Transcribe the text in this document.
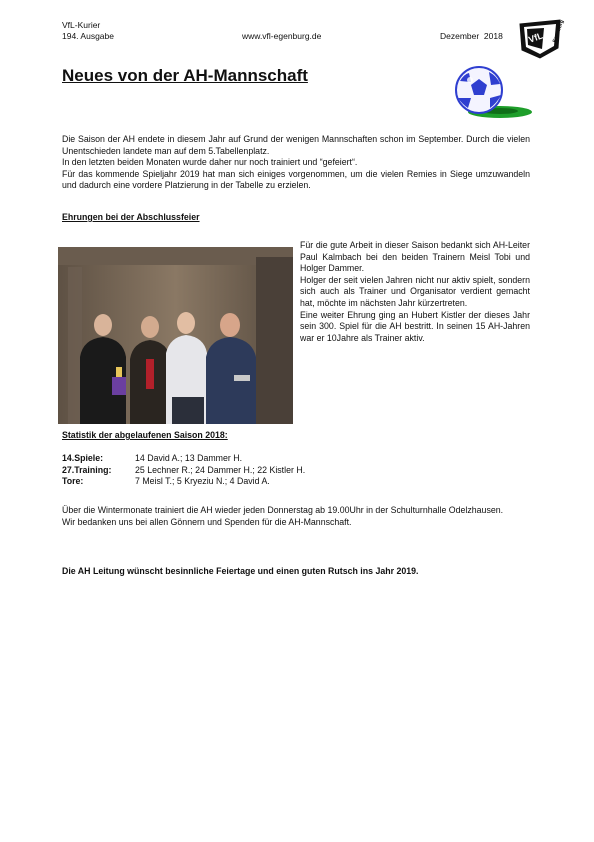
VfL-Kurier
194. Ausgabe	www.vfl-egenburg.de	Dezember  2018	VfL Egenburg
Neues von der AH-Mannschaft

Die Saison der AH endete in diesem Jahr auf Grund der wenigen Mannschaften schon im September. Durch die vielen Unentschieden landete man auf dem 5.Tabellenplatz.

In den letzten beiden Monaten wurde daher nur noch trainiert und “gefeiert“.

Für das kommende Spieljahr 2019 hat man sich einiges vorgenommen, um die vielen Remies in Siege umzuwandeln und dadurch eine vordere Platzierung in der Tabelle zu erzielen.

Ehrungen bei der Abschlussfeier

Für die gute Arbeit in dieser Saison bedankt sich AH-Leiter Paul Kalmbach bei den beiden Trainern Meisl Tobi und Holger Dammer.

Holger der seit vielen Jahren nicht nur aktiv spielt, sondern sich auch als Trainer und Organisator verdient gemacht hat, möchte im nächsten Jahr kürzertreten.

Eine weiter Ehrung ging an Hubert Kistler der dieses Jahr sein 300. Spiel für die AH bestritt. In seinen 15 AH-Jahren war er 10Jahre als Trainer aktiv.

Statistik der abgelaufenen Saison 2018:
14.Spiele:	14 David A.; 13 Dammer H.
27.Training:	25 Lechner R.; 24 Dammer H.; 22 Kistler H.
Tore:	7 Meisl T.; 5 Kryeziu N.; 4 David A.

Über die Wintermonate trainiert die AH wieder jeden Donnerstag ab 19.00Uhr in der Schulturnhalle Odelzhausen.

Wir bedanken uns bei allen Gönnern und Spenden für die AH-Mannschaft.

Die AH Leitung wünscht besinnliche Feiertage und einen guten Rutsch ins Jahr 2019.
